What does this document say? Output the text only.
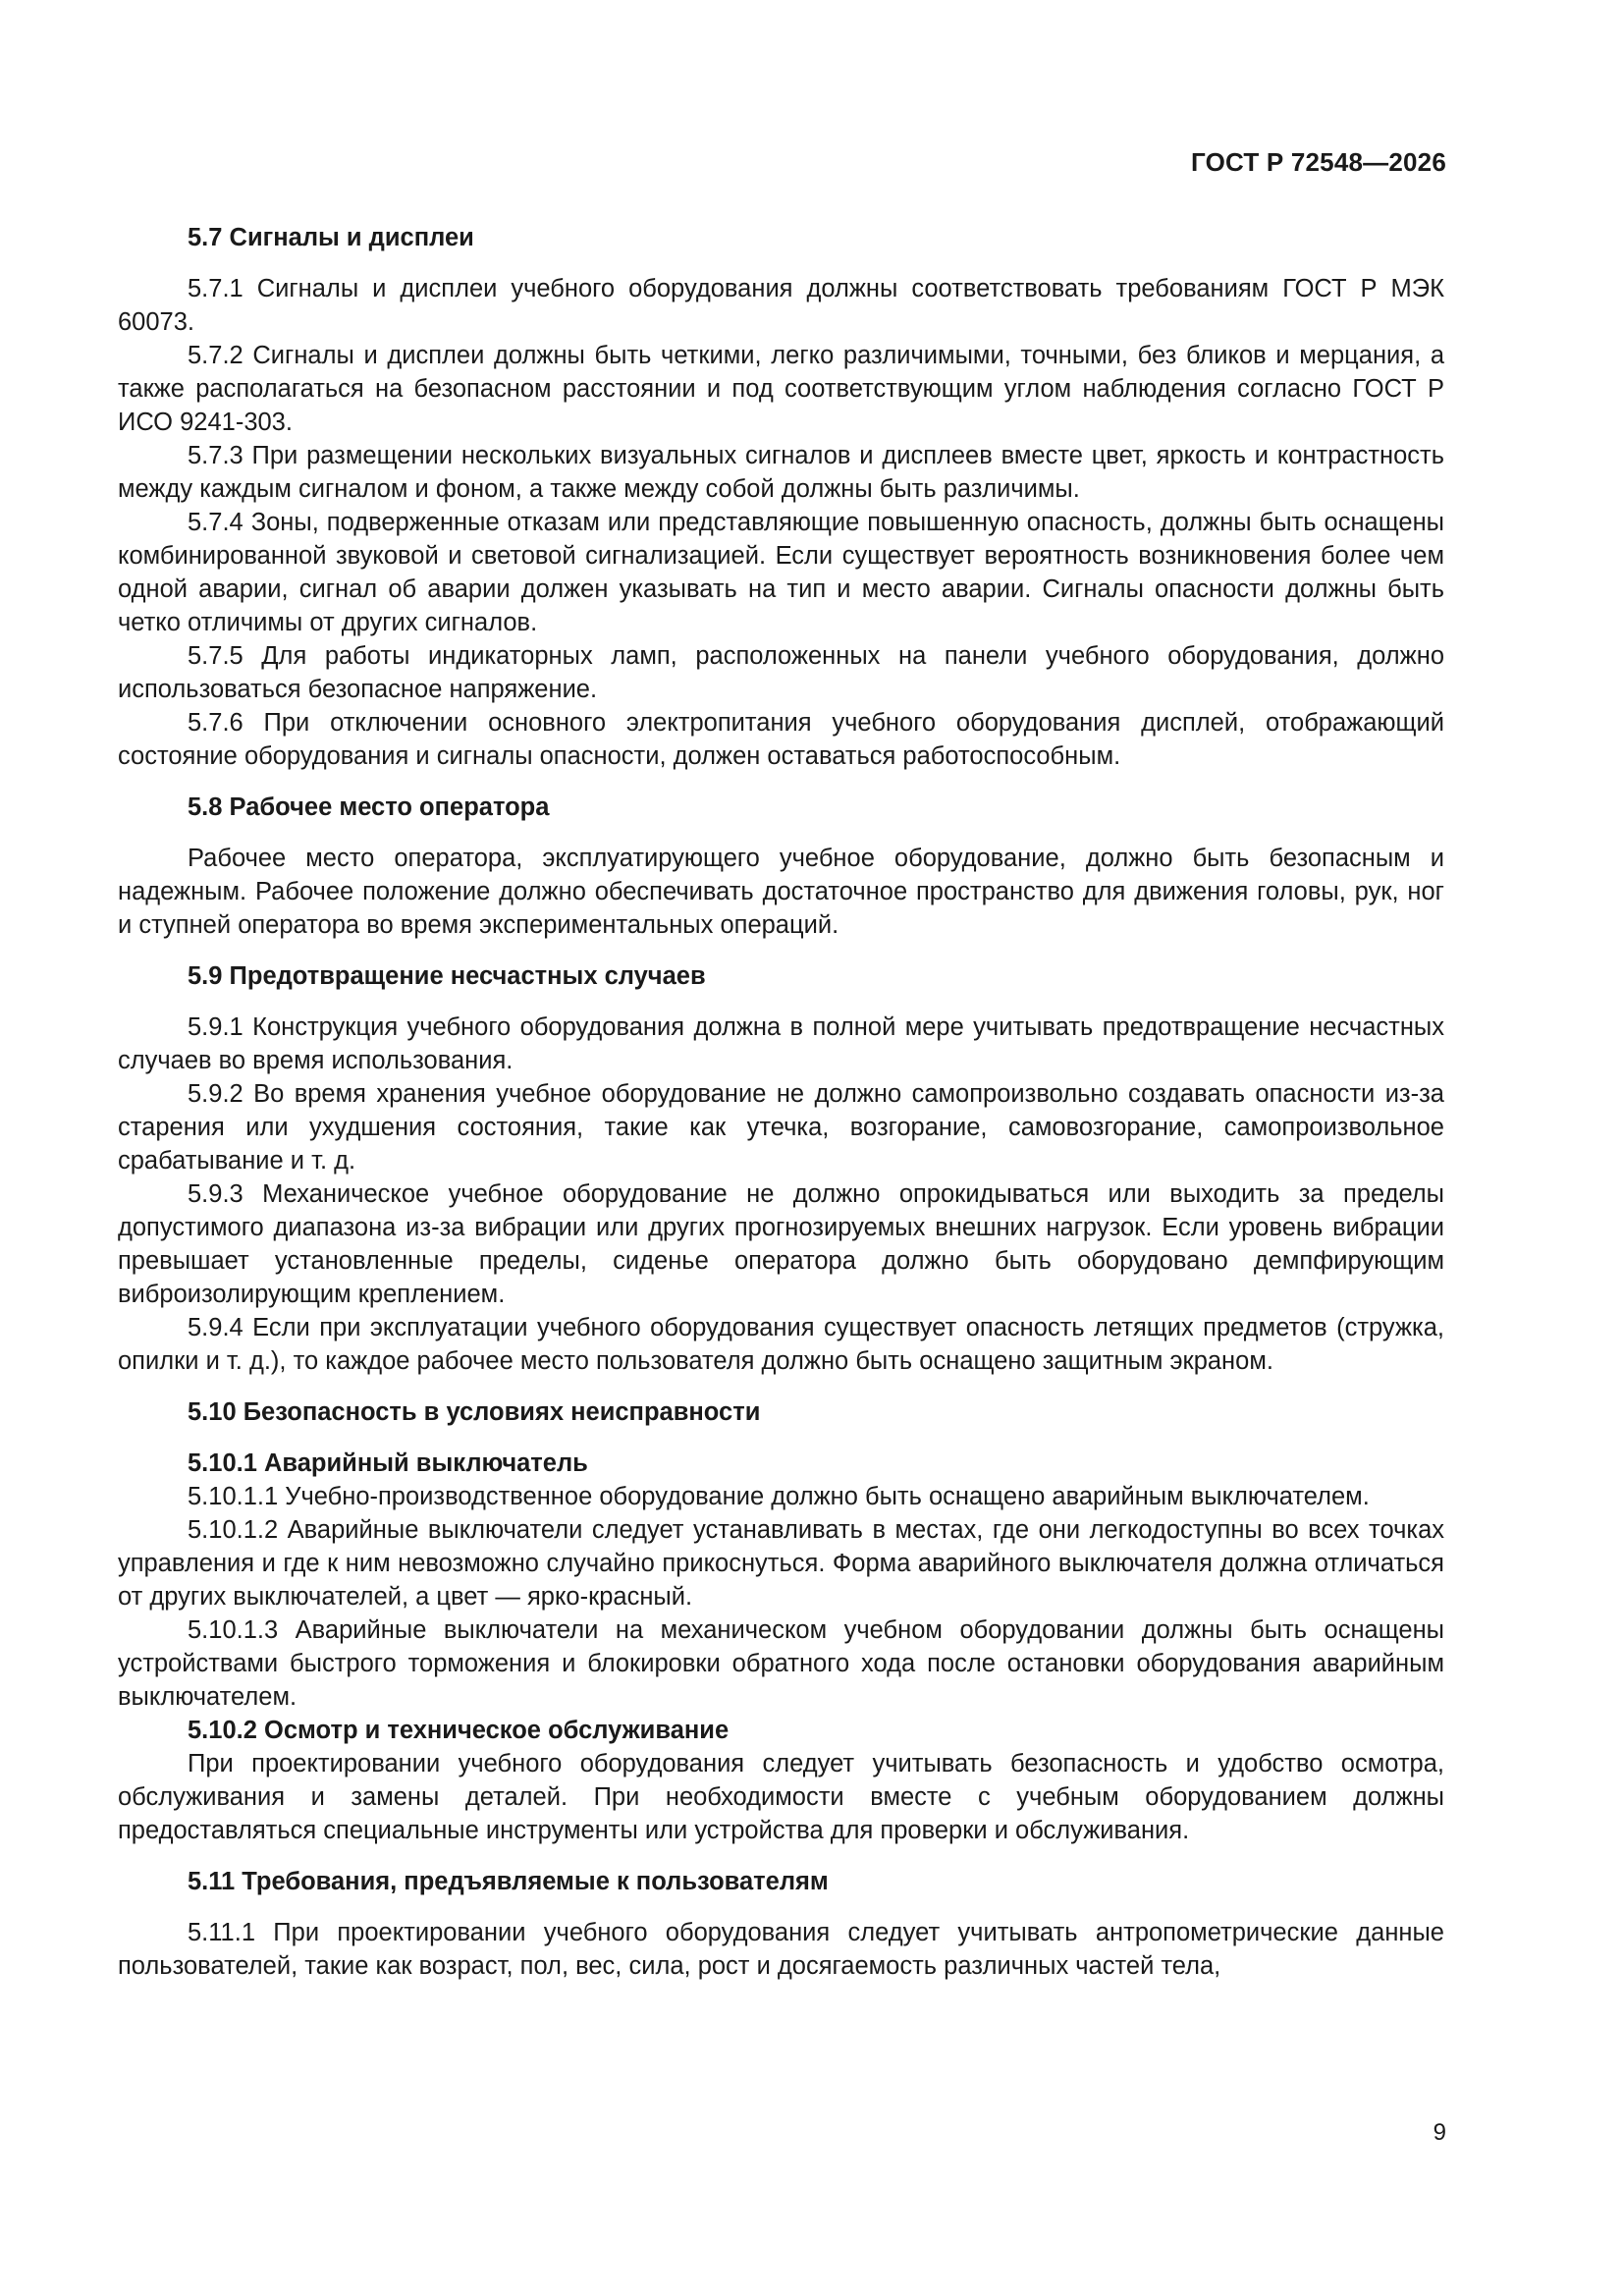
ГОСТ Р 72548—2026

5.7 Сигналы и дисплеи

5.7.1 Сигналы и дисплеи учебного оборудования должны соответствовать требованиям ГОСТ Р МЭК 60073.

5.7.2 Сигналы и дисплеи должны быть четкими, легко различимыми, точными, без бликов и мерцания, а также располагаться на безопасном расстоянии и под соответствующим углом наблюдения согласно ГОСТ Р ИСО 9241-303.

5.7.3 При размещении нескольких визуальных сигналов и дисплеев вместе цвет, яркость и контрастность между каждым сигналом и фоном, а также между собой должны быть различимы.

5.7.4 Зоны, подверженные отказам или представляющие повышенную опасность, должны быть оснащены комбинированной звуковой и световой сигнализацией. Если существует вероятность возникновения более чем одной аварии, сигнал об аварии должен указывать на тип и место аварии. Сигналы опасности должны быть четко отличимы от других сигналов.

5.7.5 Для работы индикаторных ламп, расположенных на панели учебного оборудования, должно использоваться безопасное напряжение.

5.7.6 При отключении основного электропитания учебного оборудования дисплей, отображающий состояние оборудования и сигналы опасности, должен оставаться работоспособным.

5.8 Рабочее место оператора

Рабочее место оператора, эксплуатирующего учебное оборудование, должно быть безопасным и надежным. Рабочее положение должно обеспечивать достаточное пространство для движения головы, рук, ног и ступней оператора во время экспериментальных операций.

5.9 Предотвращение несчастных случаев

5.9.1 Конструкция учебного оборудования должна в полной мере учитывать предотвращение несчастных случаев во время использования.

5.9.2 Во время хранения учебное оборудование не должно самопроизвольно создавать опасности из-за старения или ухудшения состояния, такие как утечка, возгорание, самовозгорание, самопроизвольное срабатывание и т. д.

5.9.3 Механическое учебное оборудование не должно опрокидываться или выходить за пределы допустимого диапазона из-за вибрации или других прогнозируемых внешних нагрузок. Если уровень вибрации превышает установленные пределы, сиденье оператора должно быть оборудовано демпфирующим виброизолирующим креплением.

5.9.4 Если при эксплуатации учебного оборудования существует опасность летящих предметов (стружка, опилки и т. д.), то каждое рабочее место пользователя должно быть оснащено защитным экраном.

5.10 Безопасность в условиях неисправности

5.10.1 Аварийный выключатель

5.10.1.1 Учебно-производственное оборудование должно быть оснащено аварийным выключателем.

5.10.1.2 Аварийные выключатели следует устанавливать в местах, где они легкодоступны во всех точках управления и где к ним невозможно случайно прикоснуться. Форма аварийного выключателя должна отличаться от других выключателей, а цвет — ярко-красный.

5.10.1.3 Аварийные выключатели на механическом учебном оборудовании должны быть оснащены устройствами быстрого торможения и блокировки обратного хода после остановки оборудования аварийным выключателем.

5.10.2 Осмотр и техническое обслуживание

При проектировании учебного оборудования следует учитывать безопасность и удобство осмотра, обслуживания и замены деталей. При необходимости вместе с учебным оборудованием должны предоставляться специальные инструменты или устройства для проверки и обслуживания.

5.11 Требования, предъявляемые к пользователям

5.11.1 При проектировании учебного оборудования следует учитывать антропометрические данные пользователей, такие как возраст, пол, вес, сила, рост и досягаемость различных частей тела,

9
